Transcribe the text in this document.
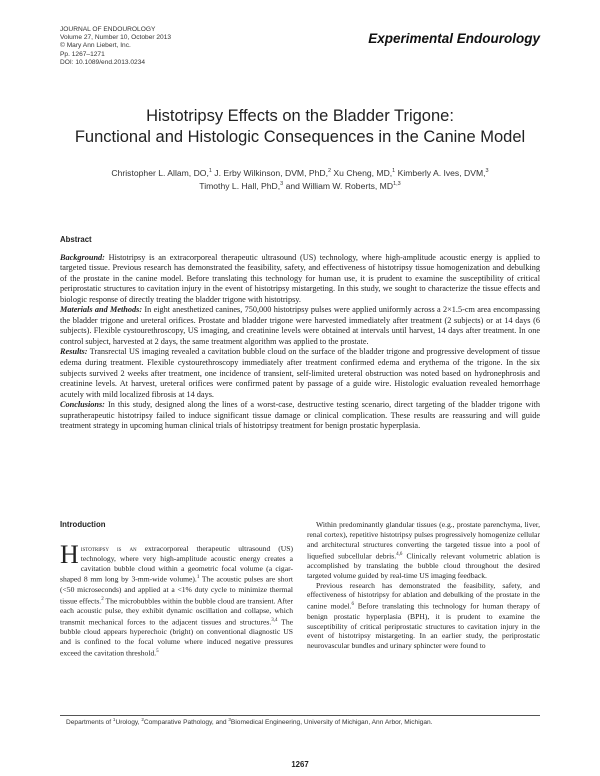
JOURNAL OF ENDOUROLOGY
Volume 27, Number 10, October 2013
© Mary Ann Liebert, Inc.
Pp. 1267–1271
DOI: 10.1089/end.2013.0234
Experimental Endourology
Histotripsy Effects on the Bladder Trigone:
Functional and Histologic Consequences in the Canine Model
Christopher L. Allam, DO,$^1$ J. Erby Wilkinson, DVM, PhD,$^2$ Xu Cheng, MD,$^1$ Kimberly A. Ives, DVM,$^3$
Timothy L. Hall, PhD,$^3$ and William W. Roberts, MD$^{1,3}$
Abstract

Background: Histotripsy is an extracorporeal therapeutic ultrasound (US) technology, where high-amplitude acoustic energy is applied to targeted tissue. Previous research has demonstrated the feasibility, safety, and effectiveness of histotripsy tissue homogenization and debulking of the prostate in the canine model. Before translating this technology for human use, it is prudent to examine the susceptibility of critical periprostatic structures to cavitation injury in the event of histotripsy mistargeting. In this study, we sought to characterize the tissue effects and biologic response of directly treating the bladder trigone with histotripsy.

Materials and Methods: In eight anesthetized canines, 750,000 histotripsy pulses were applied uniformly across a 2×1.5-cm area encompassing the bladder trigone and ureteral orifices. Prostate and bladder trigone were harvested immediately after treatment (2 subjects) or at 14 days (6 subjects). Flexible cystourethroscopy, US imaging, and creatinine levels were obtained at intervals until harvest, 14 days after treatment. In one control subject, harvested at 2 days, the same treatment algorithm was applied to the prostate.

Results: Transrectal US imaging revealed a cavitation bubble cloud on the surface of the bladder trigone and progressive development of tissue edema during treatment. Flexible cystourethroscopy immediately after treatment confirmed edema and erythema of the trigone. In the six subjects survived 2 weeks after treatment, one incidence of transient, self-limited ureteral obstruction was noted based on hydronephrosis and creatinine levels. At harvest, ureteral orifices were confirmed patent by passage of a guide wire. Histologic evaluation revealed hemorrhage acutely with mild localized fibrosis at 14 days.

Conclusions: In this study, designed along the lines of a worst-case, destructive testing scenario, direct targeting of the bladder trigone with supratherapeutic histotripsy failed to induce significant tissue damage or clinical complication. These results are reassuring and will guide treatment strategy in upcoming human clinical trials of histotripsy treatment for benign prostatic hyperplasia.

Introduction

Histotripsy is an extracorporeal therapeutic ultrasound (US) technology, where very high-amplitude acoustic energy creates a cavitation bubble cloud within a geometric focal volume (a cigar-shaped 8 mm long by 3-mm-wide volume).$^1$ The acoustic pulses are short (<50 microseconds) and applied at a <1% duty cycle to minimize thermal tissue effects.$^2$ The microbubbles within the bubble cloud are transient. After each acoustic pulse, they exhibit dynamic oscillation and collapse, which transmit mechanical forces to the adjacent tissues and structures.$^{3,4}$ The bubble cloud appears hyperechoic (bright) on conventional diagnostic US and is confined to the focal volume where induced negative pressures exceed the cavitation threshold.$^5$

Within predominantly glandular tissues (e.g., prostate parenchyma, liver, renal cortex), repetitive histotripsy pulses progressively homogenize cellular and architectural structures converting the targeted tissue into a pool of liquefied subcellular debris.$^{4,6}$ Clinically relevant volumetric ablation is accomplished by translating the bubble cloud throughout the desired targeted volume guided by real-time US imaging feedback.

Previous research has demonstrated the feasibility, safety, and effectiveness of histotripsy for ablation and debulking of the prostate in the canine model.$^6$ Before translating this technology for human therapy of benign prostatic hyperplasia (BPH), it is prudent to examine the susceptibility of critical periprostatic structures to cavitation injury in the event of histotripsy mistargeting. In an earlier study, the periprostatic neurovascular bundles and urinary sphincter were found to

Departments of $^1$Urology, $^2$Comparative Pathology, and $^3$Biomedical Engineering, University of Michigan, Ann Arbor, Michigan.
1267
